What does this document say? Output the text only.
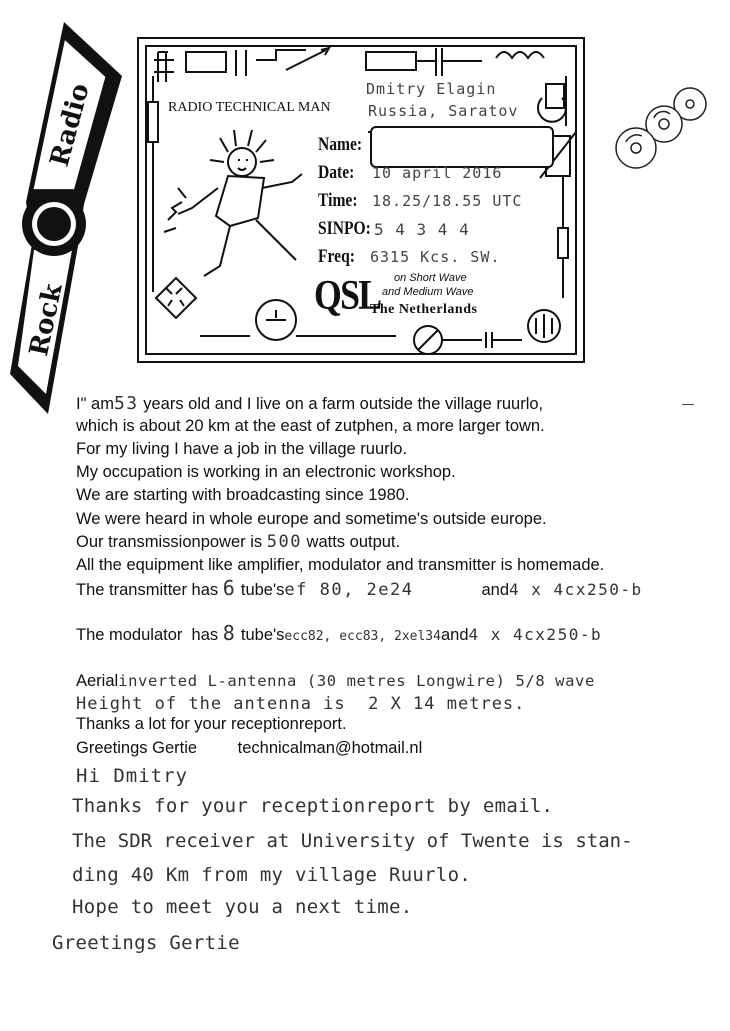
Radio
Rock
RADIO TECHNICAL MAN
Dmitry Elagin
Russia, Saratov
Name:
Date: 10 april 2016
Time: 18.25/18.55 UTC
SINPO: 5 4 3 4 4
Freq: 6315 Kcs. SW.
QSL on Short Wave
and Medium Wave
The Netherlands
I" am53 years old and I live on a farm outside the village ruurlo,
which is about 20 km at the east of zutphen, a more larger town.
For my living I have a job in the village ruurlo.
My occupation is working in an electronic workshop.
We are starting with broadcasting since 1980.
We were heard in whole europe and sometime's outside europe.
Our transmissionpower is 500 watts output.
All the equipment like amplifier, modulator and transmitter is homemade.
The transmitter has 6 tube'sef 80, 2e24	and4 x 4cx250-b
The modulator  has 8 tube'secc82, ecc83, 2xel34and4 x 4cx250-b
Aerialinverted L-antenna (30 metres Longwire) 5/8 wave
Height of the antenna is  2 X 14 metres.
Thanks a lot for your receptionreport.
Greetings Gertie technicalman@hotmail.nl
Hi Dmitry
Thanks for your receptionreport by email.
The SDR receiver at University of Twente is stan-
ding 40 Km from my village Ruurlo.
Hope to meet you a next time.
Greetings Gertie
